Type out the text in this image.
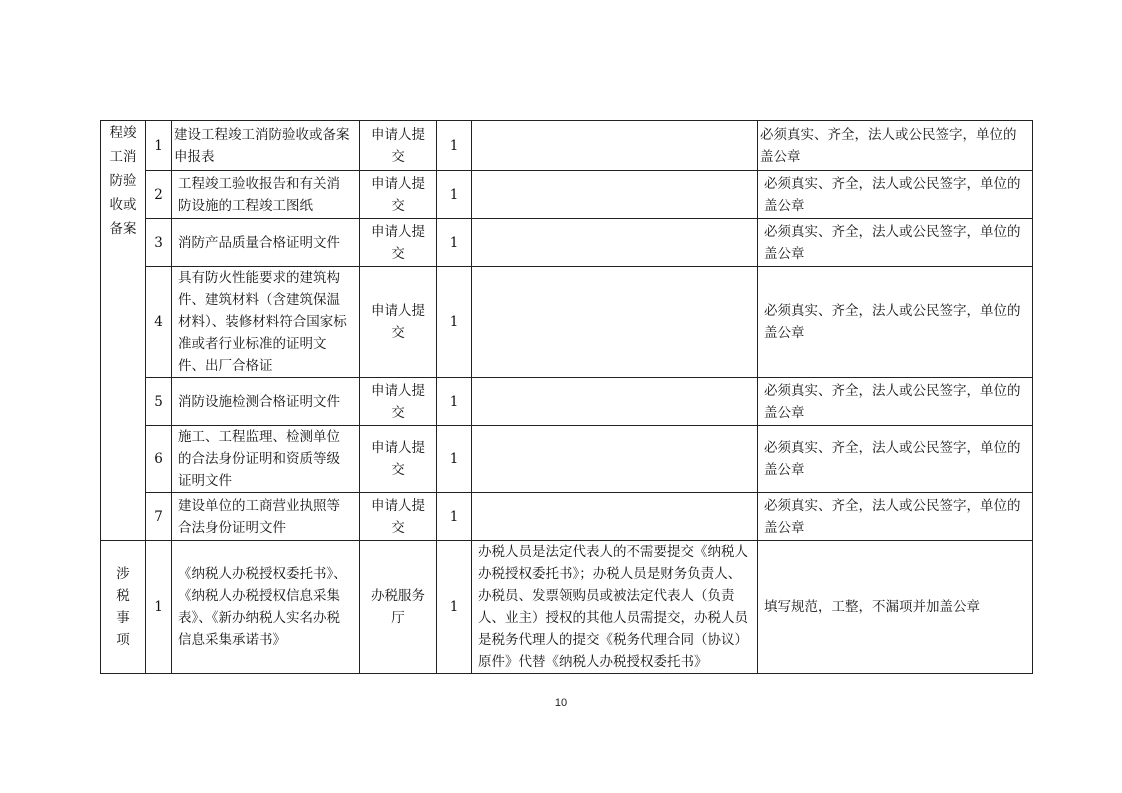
程竣工消防验收或备案	1	建设工程竣工消防验收或备案申报表	申请人提交	1		必须真实、齐全，法人或公民签字，单位的盖公章
	2	工程竣工验收报告和有关消防设施的工程竣工图纸	申请人提交	1		必须真实、齐全，法人或公民签字，单位的盖公章
	3	消防产品质量合格证明文件	申请人提交	1		必须真实、齐全，法人或公民签字，单位的盖公章
	4	具有防火性能要求的建筑构件、建筑材料（含建筑保温材料）、装修材料符合国家标准或者行业标准的证明文件、出厂合格证	申请人提交	1		必须真实、齐全，法人或公民签字，单位的盖公章
	5	消防设施检测合格证明文件	申请人提交	1		必须真实、齐全，法人或公民签字，单位的盖公章
	6	施工、工程监理、检测单位的合法身份证明和资质等级证明文件	申请人提交	1		必须真实、齐全，法人或公民签字，单位的盖公章
	7	建设单位的工商营业执照等合法身份证明文件	申请人提交	1		必须真实、齐全，法人或公民签字，单位的盖公章
涉税事项	1	《纳税人办税授权委托书》、《纳税人办税授权信息采集表》、《新办纳税人实名办税信息采集承诺书》	办税服务厅	1	办税人员是法定代表人的不需要提交《纳税人办税授权委托书》；办税人员是财务负责人、办税员、发票领购员或被法定代表人（负责人、业主）授权的其他人员需提交，办税人员是税务代理人的提交《税务代理合同（协议）原件》代替《纳税人办税授权委托书》	填写规范，工整，不漏项并加盖公章
10
